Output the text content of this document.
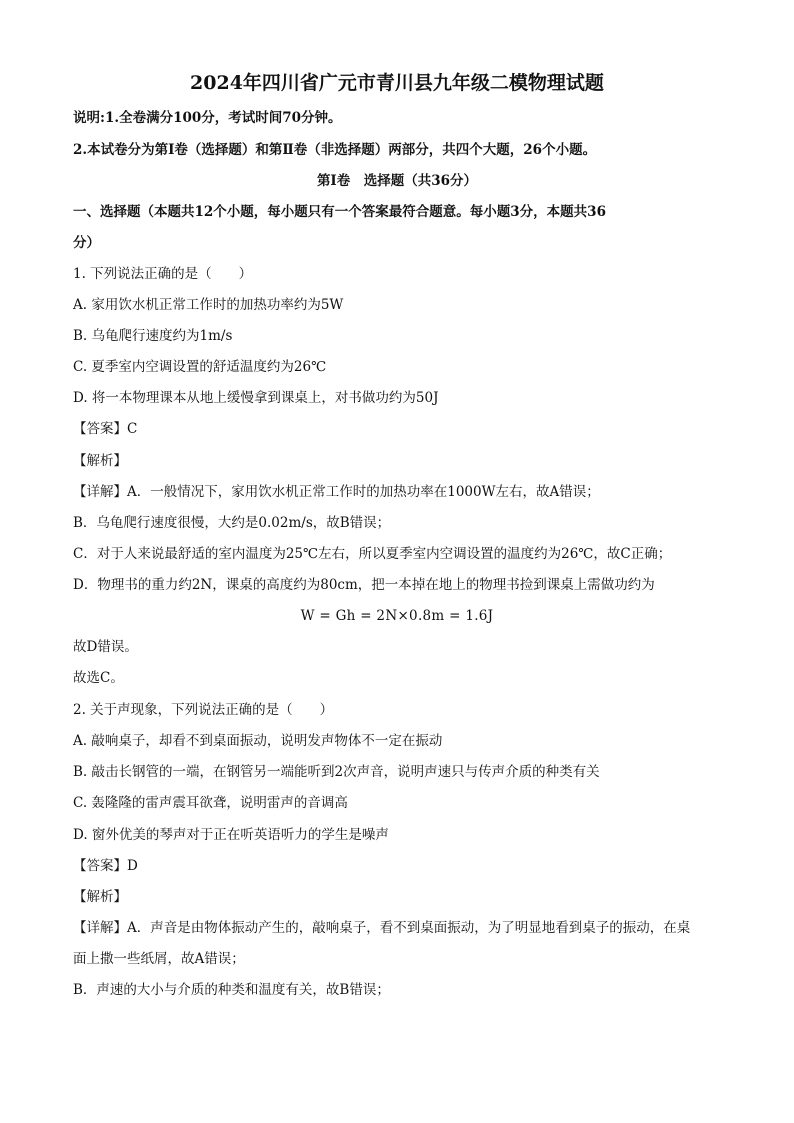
2024年四川省广元市青川县九年级二模物理试题
说明:1.全卷满分100分，考试时间70分钟。
2.本试卷分为第Ⅰ卷（选择题）和第Ⅱ卷（非选择题）两部分，共四个大题，26个小题。
第Ⅰ卷　选择题（共36分）
一、选择题（本题共12个小题，每小题只有一个答案最符合题意。每小题3分，本题共36
分）
1. 下列说法正确的是（　　）
A. 家用饮水机正常工作时的加热功率约为5W
B. 乌龟爬行速度约为1m/s
C. 夏季室内空调设置的舒适温度约为26℃
D. 将一本物理课本从地上缓慢拿到课桌上，对书做功约为50J
【答案】C
【解析】
【详解】A．一般情况下，家用饮水机正常工作时的加热功率在1000W左右，故A错误；
B．乌龟爬行速度很慢，大约是0.02m/s，故B错误；
C．对于人来说最舒适的室内温度为25℃左右，所以夏季室内空调设置的温度约为26℃，故C正确；
D．物理书的重力约2N，课桌的高度约为80cm，把一本掉在地上的物理书捡到课桌上需做功约为
W = Gh = 2N×0.8m = 1.6J
故D错误。
故选C。
2. 关于声现象，下列说法正确的是（　　）
A. 敲响桌子，却看不到桌面振动，说明发声物体不一定在振动
B. 敲击长钢管的一端，在钢管另一端能听到2次声音，说明声速只与传声介质的种类有关
C. 轰隆隆的雷声震耳欲聋，说明雷声的音调高
D. 窗外优美的琴声对于正在听英语听力的学生是噪声
【答案】D
【解析】
【详解】A．声音是由物体振动产生的，敲响桌子，看不到桌面振动，为了明显地看到桌子的振动，在桌
面上撒一些纸屑，故A错误；
B．声速的大小与介质的种类和温度有关，故B错误；
